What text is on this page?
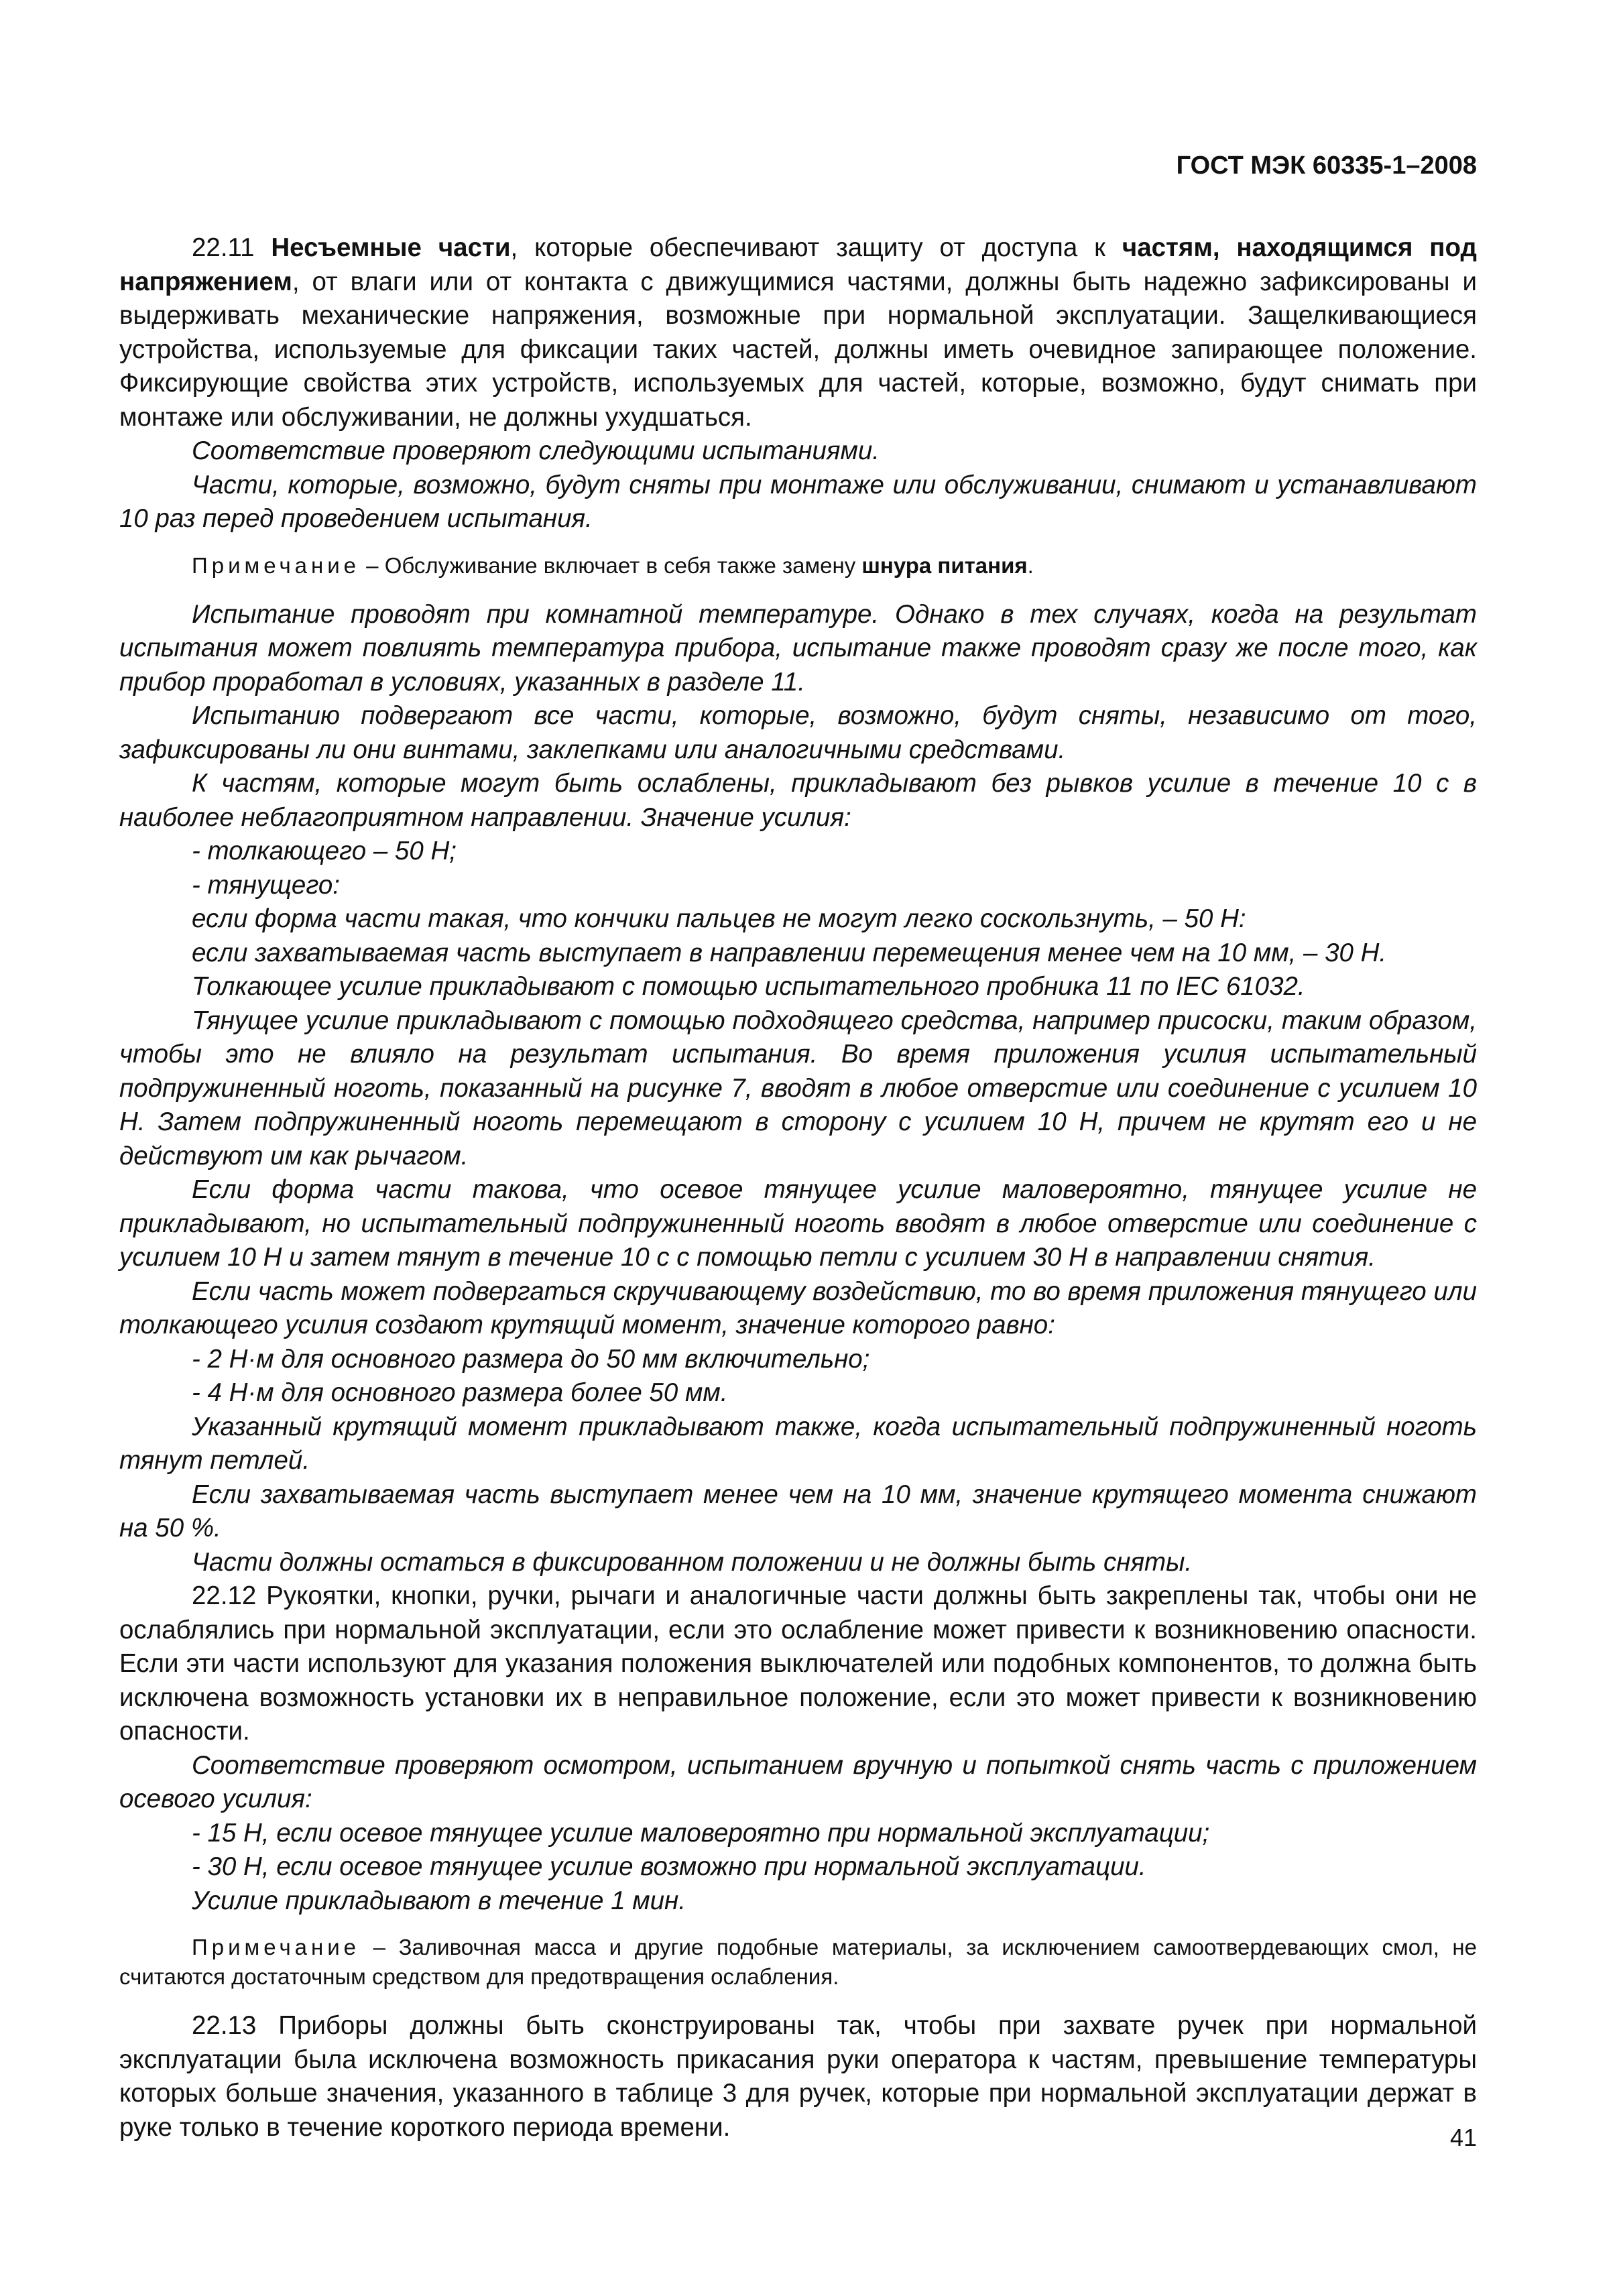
ГОСТ МЭК 60335-1–2008

22.11 Несъемные части, которые обеспечивают защиту от доступа к частям, находящимся под напряжением, от влаги или от контакта с движущимися частями, должны быть надежно зафиксированы и выдерживать механические напряжения, возможные при нормальной эксплуатации. Защелкивающиеся устройства, используемые для фиксации таких частей, должны иметь очевидное запирающее положение. Фиксирующие свойства этих устройств, используемых для частей, которые, возможно, будут снимать при монтаже или обслуживании, не должны ухудшаться.

Соответствие проверяют следующими испытаниями.

Части, которые, возможно, будут сняты при монтаже или обслуживании, снимают и устанавливают 10 раз перед проведением испытания.

Примечание – Обслуживание включает в себя также замену шнура питания.

Испытание проводят при комнатной температуре. Однако в тех случаях, когда на результат испытания может повлиять температура прибора, испытание также проводят сразу же после того, как прибор проработал в условиях, указанных в разделе 11.

Испытанию подвергают все части, которые, возможно, будут сняты, независимо от того, зафиксированы ли они винтами, заклепками или аналогичными средствами.

К частям, которые могут быть ослаблены, прикладывают без рывков усилие в течение 10 с в наиболее неблагоприятном направлении. Значение усилия:

- толкающего – 50 Н;

- тянущего:

если форма части такая, что кончики пальцев не могут легко соскользнуть, – 50 Н:

если захватываемая часть выступает в направлении перемещения менее чем на 10 мм, – 30 Н.

Толкающее усилие прикладывают с помощью испытательного пробника 11 по IEC 61032.

Тянущее усилие прикладывают с помощью подходящего средства, например присоски, таким образом, чтобы это не влияло на результат испытания. Во время приложения усилия испытательный подпружиненный ноготь, показанный на рисунке 7, вводят в любое отверстие или соединение с усилием 10 Н. Затем подпружиненный ноготь перемещают в сторону с усилием 10 Н, причем не крутят его и не действуют им как рычагом.

Если форма части такова, что осевое тянущее усилие маловероятно, тянущее усилие не прикладывают, но испытательный подпружиненный ноготь вводят в любое отверстие или соединение с усилием 10 Н и затем тянут в течение 10 с с помощью петли с усилием 30 Н в направлении снятия.

Если часть может подвергаться скручивающему воздействию, то во время приложения тянущего или толкающего усилия создают крутящий момент, значение которого равно:

- 2 Н·м для основного размера до 50 мм включительно;

- 4 Н·м для основного размера более 50 мм.

Указанный крутящий момент прикладывают также, когда испытательный подпружиненный ноготь тянут петлей.

Если захватываемая часть выступает менее чем на 10 мм, значение крутящего момента снижают на 50 %.

Части должны остаться в фиксированном положении и не должны быть сняты.

22.12 Рукоятки, кнопки, ручки, рычаги и аналогичные части должны быть закреплены так, чтобы они не ослаблялись при нормальной эксплуатации, если это ослабление может привести к возникновению опасности. Если эти части используют для указания положения выключателей или подобных компонентов, то должна быть исключена возможность установки их в неправильное положение, если это может привести к возникновению опасности.

Соответствие проверяют осмотром, испытанием вручную и попыткой снять часть с приложением осевого усилия:

- 15 Н, если осевое тянущее усилие маловероятно при нормальной эксплуатации;

- 30 Н, если осевое тянущее усилие возможно при нормальной эксплуатации.

Усилие прикладывают в течение 1 мин.

Примечание – Заливочная масса и другие подобные материалы, за исключением самоотвердевающих смол, не считаются достаточным средством для предотвращения ослабления.

22.13 Приборы должны быть сконструированы так, чтобы при захвате ручек при нормальной эксплуатации была исключена возможность прикасания руки оператора к частям, превышение температуры которых больше значения, указанного в таблице 3 для ручек, которые при нормальной эксплуатации держат в руке только в течение короткого периода времени.	41
